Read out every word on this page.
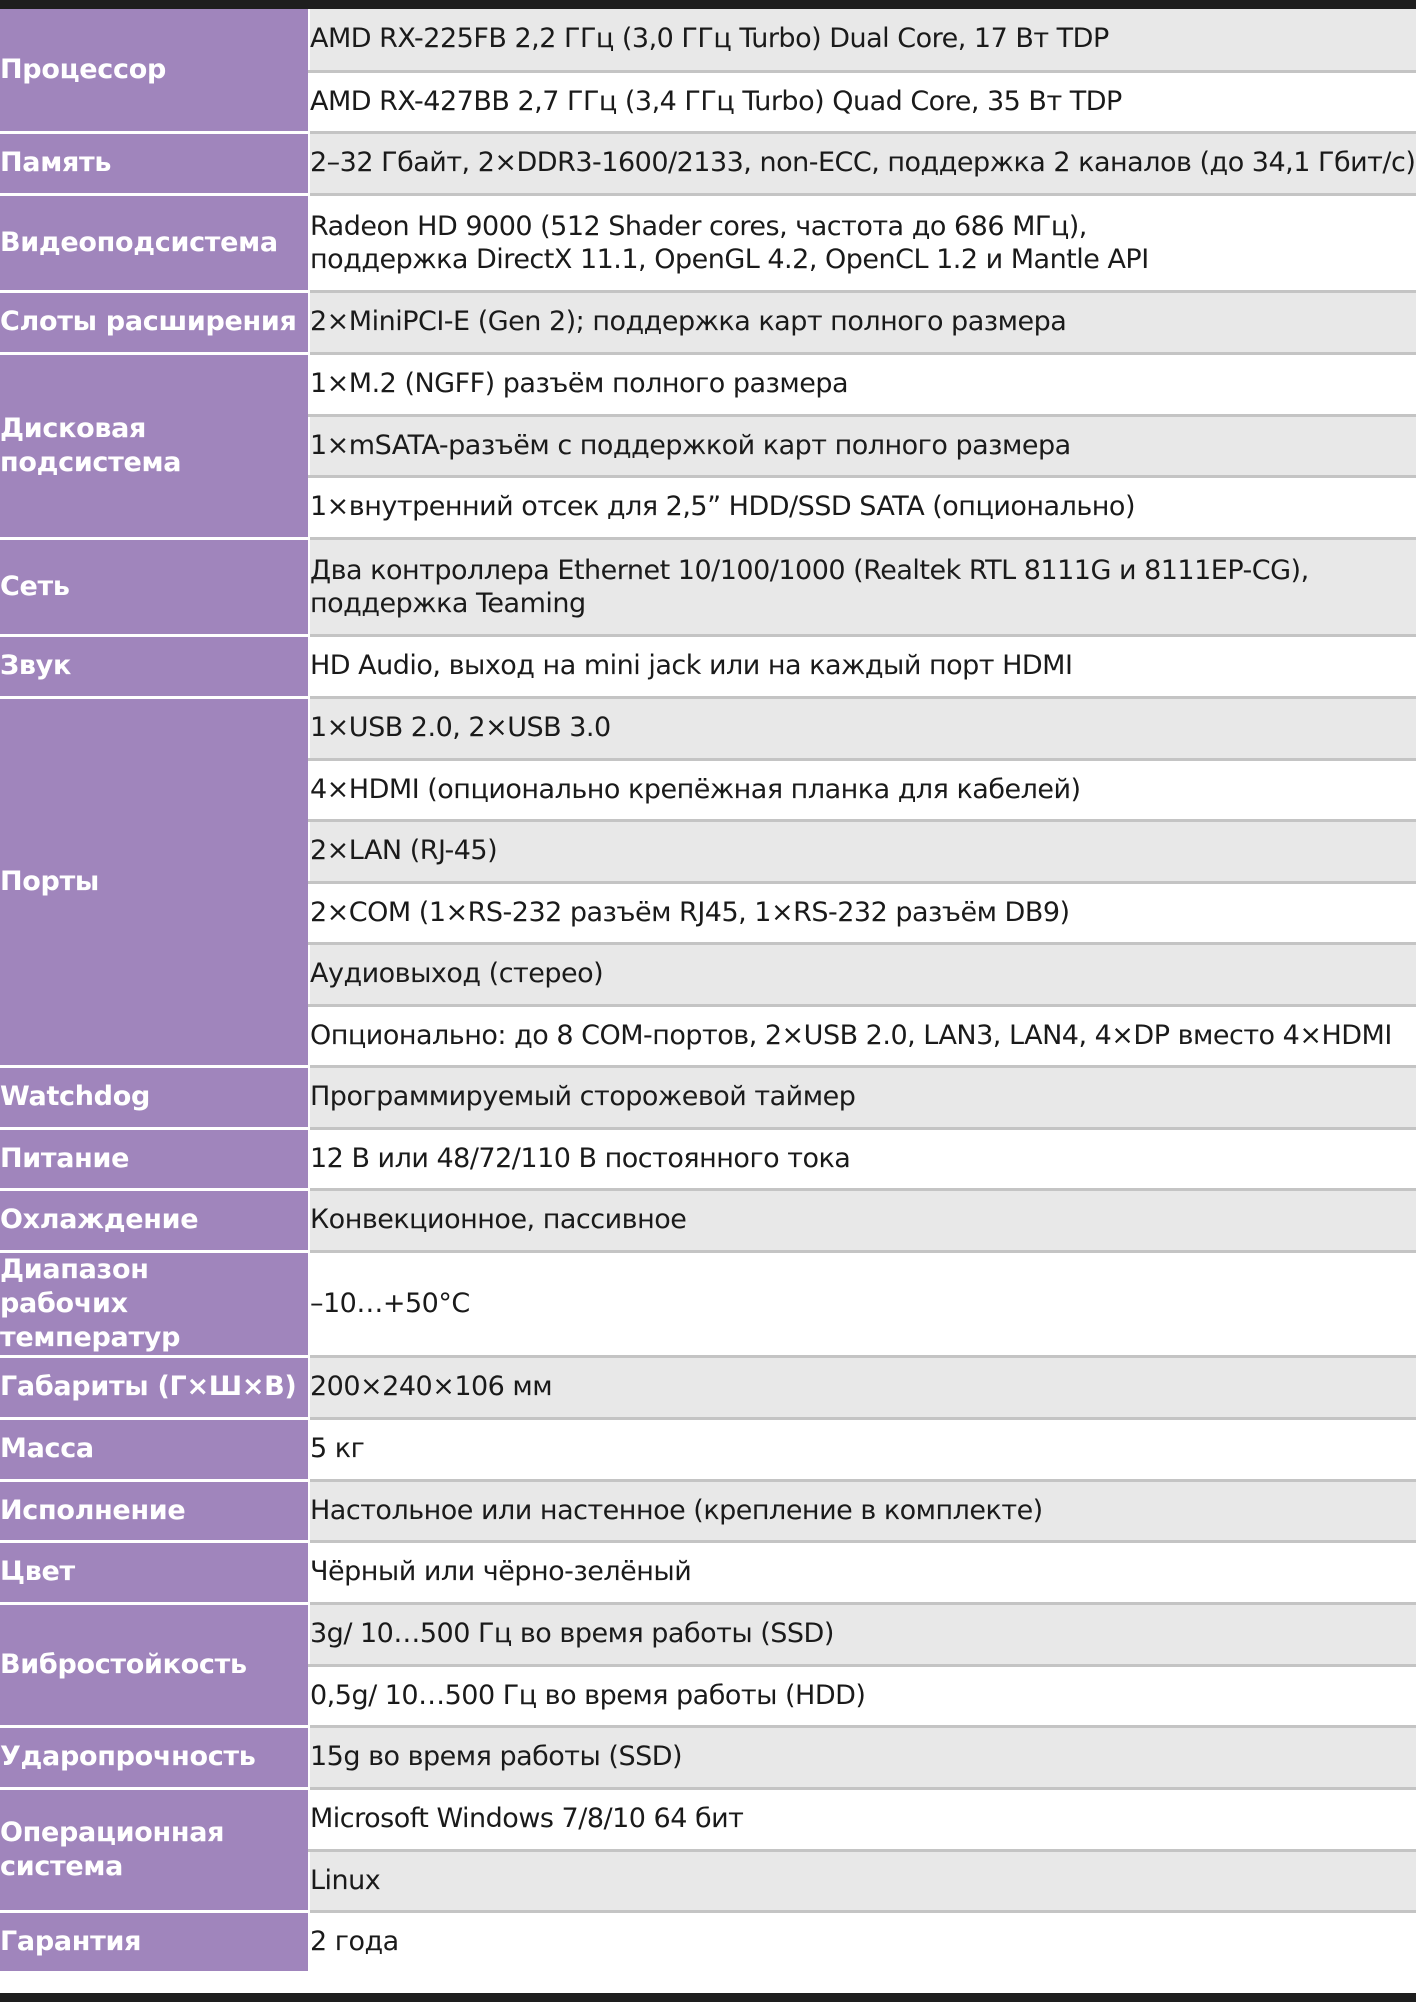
Процессор	AMD RX-225FB 2,2 ГГц (3,0 ГГц Turbo) Dual Core, 17 Вт TDP
	AMD RX-427BB 2,7 ГГц (3,4 ГГц Turbo) Quad Core, 35 Вт TDP
Память	2–32 Гбайт, 2×DDR3-1600/2133, non-ECC, поддержка 2 каналов (до 34,1 Гбит/с)
Видеоподсистема	Radeon HD 9000 (512 Shader cores, частота до 686 МГц),
поддержка DirectX 11.1, OpenGL 4.2, OpenCL 1.2 и Mantle API
Слоты расширения	2×MiniPCI-E (Gen 2); поддержка карт полного размера
Дисковая
подсистема	1×M.2 (NGFF) разъём полного размера
	1×mSATA-разъём с поддержкой карт полного размера
	1×внутренний отсек для 2,5” HDD/SSD SATA (опционально)
Сеть	Два контроллера Ethernet 10/100/1000 (Realtek RTL 8111G и 8111EP-CG),
поддержка Teaming
Звук	HD Audio, выход на mini jack или на каждый порт HDMI
Порты	1×USB 2.0, 2×USB 3.0
	4×HDMI (опционально крепёжная планка для кабелей)
	2×LAN (RJ-45)
	2×COM (1×RS-232 разъём RJ45, 1×RS-232 разъём DB9)
	Аудиовыход (стерео)
	Опционально: до 8 COM-портов, 2×USB 2.0, LAN3, LAN4, 4×DP вместо 4×HDMI
Watchdog	Программируемый сторожевой таймер
Питание	12 В или 48/72/110 В постоянного тока
Охлаждение	Конвекционное, пассивное
Диапазон
рабочих температур	–10…+50°C
Габариты (Г×Ш×В)	200×240×106 мм
Масса	5 кг
Исполнение	Настольное или настенное (крепление в комплекте)
Цвет	Чёрный или чёрно-зелёный
Вибростойкость	3g/ 10…500 Гц во время работы (SSD)
	0,5g/ 10…500 Гц во время работы (HDD)
Ударопрочность	15g во время работы (SSD)
Операционная
система	Microsoft Windows 7/8/10 64 бит
	Linux
Гарантия	2 года
